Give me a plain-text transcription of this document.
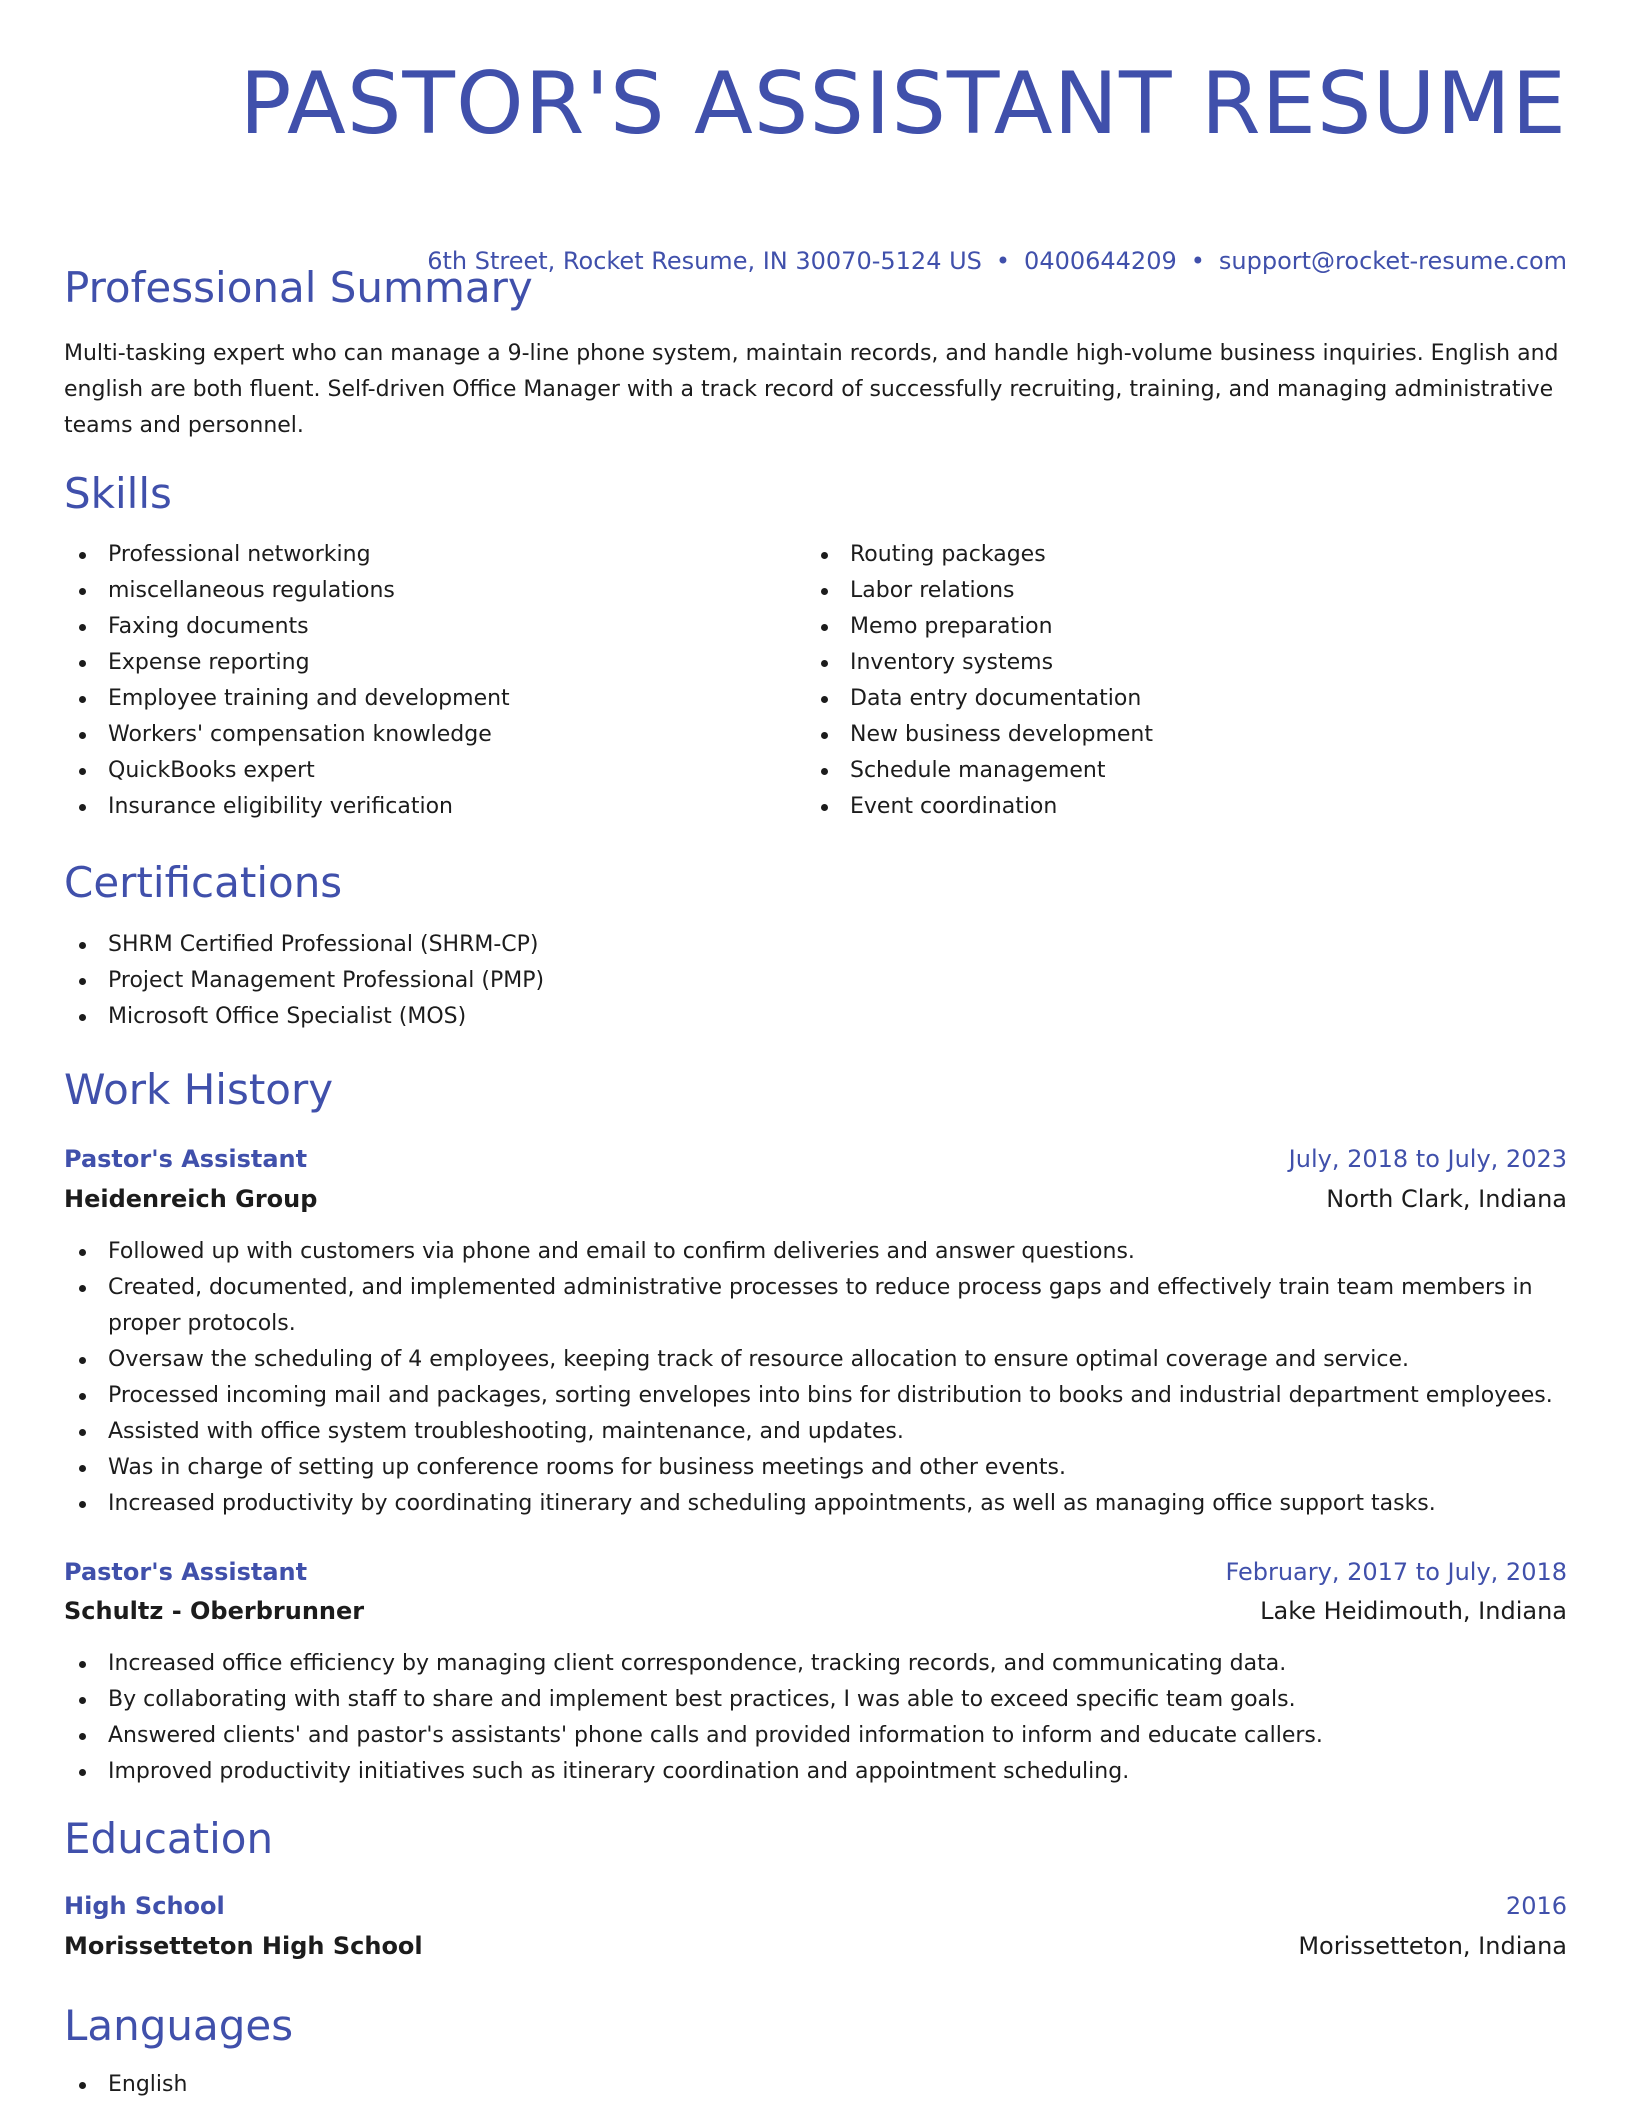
PASTOR'S ASSISTANT RESUME
6th Street, Rocket Resume, IN 30070-5124 US • 0400644209 • support@rocket-resume.com
Professional Summary

Multi-tasking expert who can manage a 9-line phone system, maintain records, and handle high-volume business inquiries. English and english are both fluent. Self-driven Office Manager with a track record of successfully recruiting, training, and managing administrative teams and personnel.

Skills
Professional networking
miscellaneous regulations
Faxing documents
Expense reporting
Employee training and development
Workers' compensation knowledge
QuickBooks expert
Insurance eligibility verification
Routing packages
Labor relations
Memo preparation
Inventory systems
Data entry documentation
New business development
Schedule management
Event coordination
Certifications
SHRM Certified Professional (SHRM-CP)
Project Management Professional (PMP)
Microsoft Office Specialist (MOS)
Work History
Pastor's Assistant	July, 2018 to July, 2023
Heidenreich Group	North Clark, Indiana
Followed up with customers via phone and email to confirm deliveries and answer questions.
Created, documented, and implemented administrative processes to reduce process gaps and effectively train team members in proper protocols.
Oversaw the scheduling of 4 employees, keeping track of resource allocation to ensure optimal coverage and service.
Processed incoming mail and packages, sorting envelopes into bins for distribution to books and industrial department employees.
Assisted with office system troubleshooting, maintenance, and updates.
Was in charge of setting up conference rooms for business meetings and other events.
Increased productivity by coordinating itinerary and scheduling appointments, as well as managing office support tasks.
Pastor's Assistant	February, 2017 to July, 2018
Schultz - Oberbrunner	Lake Heidimouth, Indiana
Increased office efficiency by managing client correspondence, tracking records, and communicating data.
By collaborating with staff to share and implement best practices, I was able to exceed specific team goals.
Answered clients' and pastor's assistants' phone calls and provided information to inform and educate callers.
Improved productivity initiatives such as itinerary coordination and appointment scheduling.
Education
High School	2016
Morissetteton High School	Morissetteton, Indiana
Languages
English
